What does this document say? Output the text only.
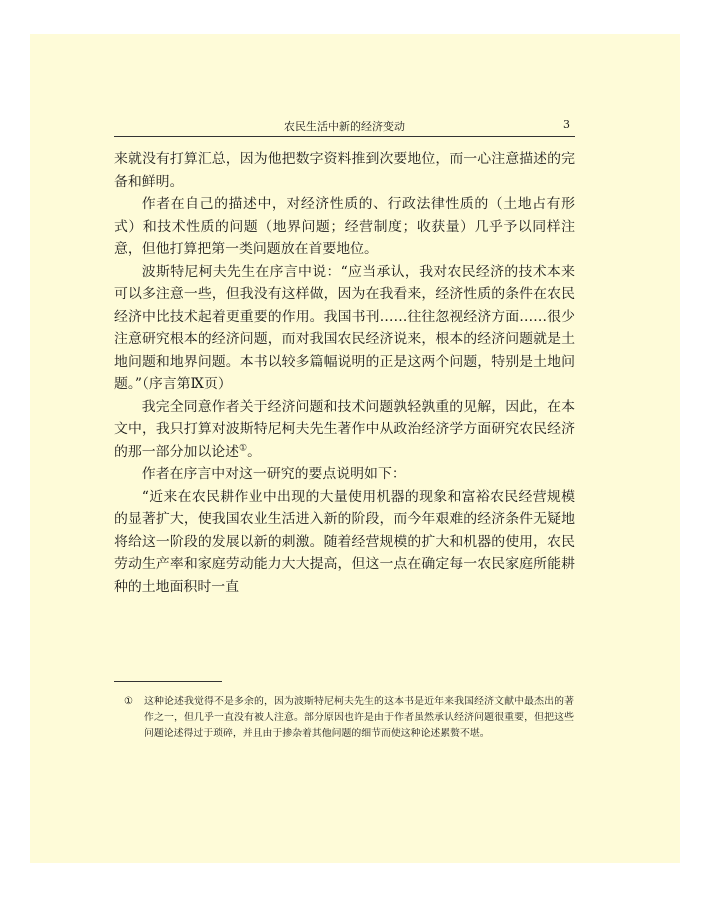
农民生活中新的经济变动	3

来就没有打算汇总，因为他把数字资料推到次要地位，而一心注意描述的完备和鲜明。

作者在自己的描述中，对经济性质的、行政法律性质的（土地占有形式）和技术性质的问题（地界问题；经营制度；收获量）几乎予以同样注意，但他打算把第一类问题放在首要地位。

波斯特尼柯夫先生在序言中说：“应当承认，我对农民经济的技术本来可以多注意一些，但我没有这样做，因为在我看来，经济性质的条件在农民经济中比技术起着更重要的作用。我国书刊……往往忽视经济方面……很少注意研究根本的经济问题，而对我国农民经济说来，根本的经济问题就是土地问题和地界问题。本书以较多篇幅说明的正是这两个问题，特别是土地问题。”（序言第Ⅸ页）

我完全同意作者关于经济问题和技术问题孰轻孰重的见解，因此，在本文中，我只打算对波斯特尼柯夫先生著作中从政治经济学方面研究农民经济的那一部分加以论述①。

作者在序言中对这一研究的要点说明如下：

“近来在农民耕作业中出现的大量使用机器的现象和富裕农民经营规模的显著扩大，使我国农业生活进入新的阶段，而今年艰难的经济条件无疑地将给这一阶段的发展以新的刺激。随着经营规模的扩大和机器的使用，农民劳动生产率和家庭劳动能力大大提高，但这一点在确定每一农民家庭所能耕种的土地面积时一直

① 这种论述我觉得不是多余的，因为波斯特尼柯夫先生的这本书是近年来我国经济文献中最杰出的著作之一，但几乎一直没有被人注意。部分原因也许是由于作者虽然承认经济问题很重要，但把这些问题论述得过于琐碎，并且由于掺杂着其他问题的细节而使这种论述累赘不堪。
